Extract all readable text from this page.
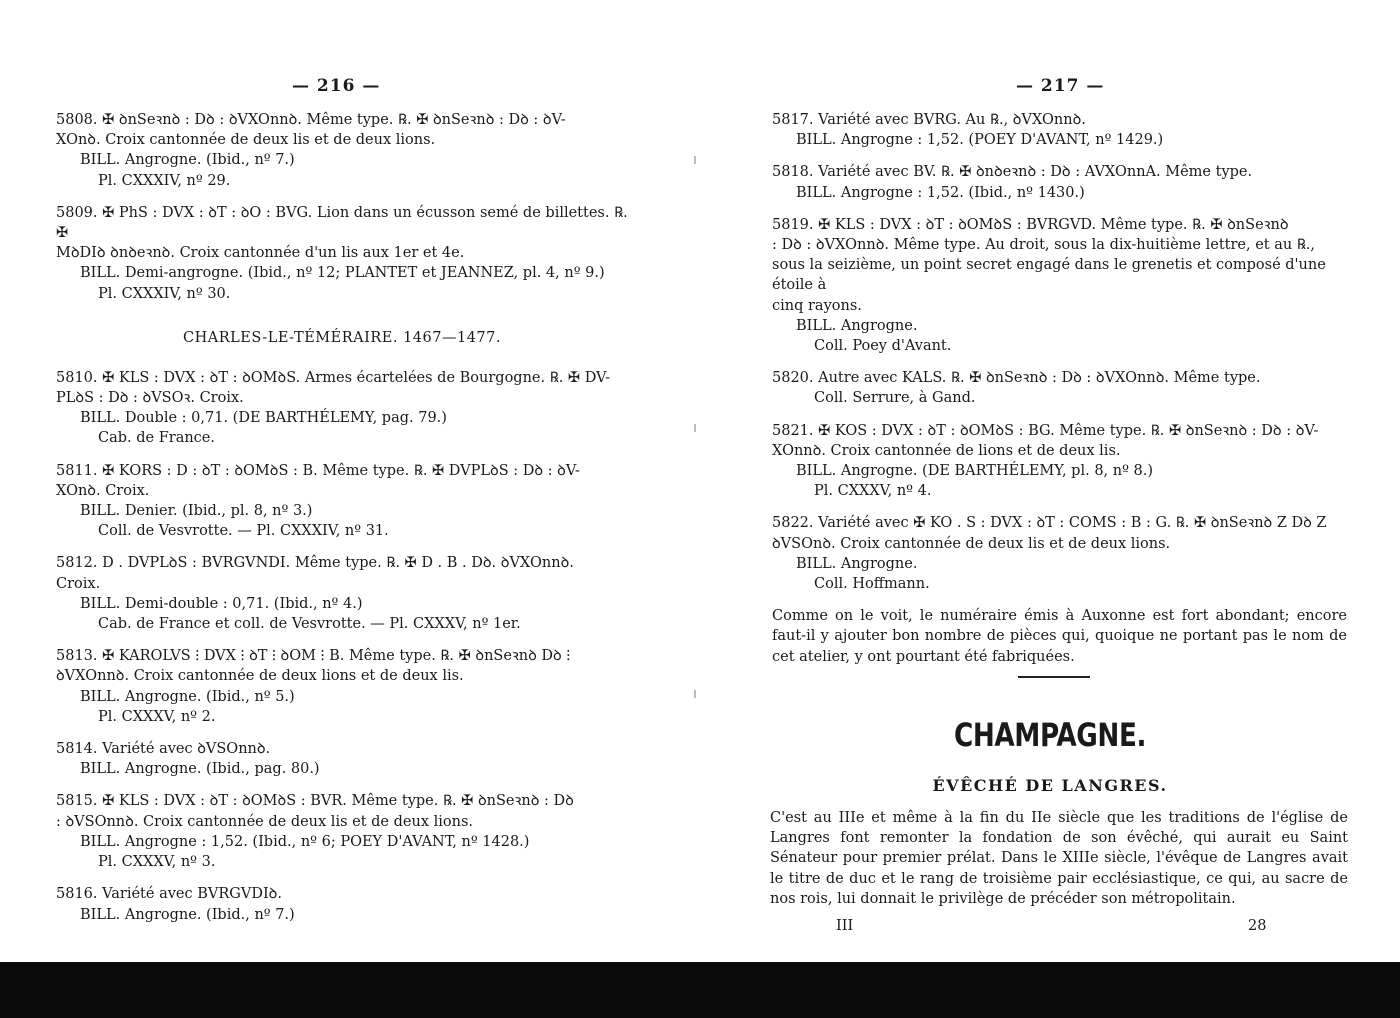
— 216 —
5808. ✠ ꝺnSeꝛnꝺ : Dꝺ : ꝺVXOnnꝺ. Même type. ℞. ✠ ꝺnSeꝛnꝺ : Dꝺ : ꝺV-
XOnꝺ. Croix cantonnée de deux lis et de deux lions.
BILL. Angrogne. (Ibid., nº 7.)
Pl. CXXXIV, nº 29.
5809. ✠ PhS : DVX : ꝺT : ꝺO : BVG. Lion dans un écusson semé de billettes. ℞. ✠
MꝺDIꝺ ꝺnꝺeꝛnꝺ. Croix cantonnée d'un lis aux 1er et 4e.
BILL. Demi-angrogne. (Ibid., nº 12; PLANTET et JEANNEZ, pl. 4, nº 9.)
Pl. CXXXIV, nº 30.
CHARLES-LE-TÉMÉRAIRE. 1467—1477.
5810. ✠ KLS : DVX : ꝺT : ꝺOMꝺS. Armes écartelées de Bourgogne. ℞. ✠ DV-
PLꝺS : Dꝺ : ꝺVSOꝛ. Croix.
BILL. Double : 0,71. (DE BARTHÉLEMY, pag. 79.)
Cab. de France.
5811. ✠ KORS : D : ꝺT : ꝺOMꝺS : B. Même type. ℞. ✠ DVPLꝺS : Dꝺ : ꝺV-
XOnꝺ. Croix.
BILL. Denier. (Ibid., pl. 8, nº 3.)
Coll. de Vesvrotte. — Pl. CXXXIV, nº 31.
5812. D . DVPLꝺS : BVRGVNDI. Même type. ℞. ✠ D . B . Dꝺ. ꝺVXOnnꝺ.
Croix.
BILL. Demi-double : 0,71. (Ibid., nº 4.)
Cab. de France et coll. de Vesvrotte. — Pl. CXXXV, nº 1er.
5813. ✠ KAROLVS ⁝ DVX ⁝ ꝺT ⁝ ꝺOM ⁝ B. Même type. ℞. ✠ ꝺnSeꝛnꝺ Dꝺ ⁝
ꝺVXOnnꝺ. Croix cantonnée de deux lions et de deux lis.
BILL. Angrogne. (Ibid., nº 5.)
Pl. CXXXV, nº 2.
5814. Variété avec ꝺVSOnnꝺ.
BILL. Angrogne. (Ibid., pag. 80.)
5815. ✠ KLS : DVX : ꝺT : ꝺOMꝺS : BVR. Même type. ℞. ✠ ꝺnSeꝛnꝺ : Dꝺ
: ꝺVSOnnꝺ. Croix cantonnée de deux lis et de deux lions.
BILL. Angrogne : 1,52. (Ibid., nº 6; POEY D'AVANT, nº 1428.)
Pl. CXXXV, nº 3.
5816. Variété avec BVRGVDIꝺ.
BILL. Angrogne. (Ibid., nº 7.)
— 217 —
5817. Variété avec BVRG. Au ℞., ꝺVXOnnꝺ.
BILL. Angrogne : 1,52. (POEY D'AVANT, nº 1429.)
5818. Variété avec BV. ℞. ✠ ꝺnꝺeꝛnꝺ : Dꝺ : AVXOnnA. Même type.
BILL. Angrogne : 1,52. (Ibid., nº 1430.)
5819. ✠ KLS : DVX : ꝺT : ꝺOMꝺS : BVRGVD. Même type. ℞. ✠ ꝺnSeꝛnꝺ
: Dꝺ : ꝺVXOnnꝺ. Même type. Au droit, sous la dix-huitième lettre, et au ℞.,
sous la seizième, un point secret engagé dans le grenetis et composé d'une étoile à
cinq rayons.
BILL. Angrogne.
Coll. Poey d'Avant.
5820. Autre avec KALS. ℞. ✠ ꝺnSeꝛnꝺ : Dꝺ : ꝺVXOnnꝺ. Même type.
Coll. Serrure, à Gand.
5821. ✠ KOS : DVX : ꝺT : ꝺOMꝺS : BG. Même type. ℞. ✠ ꝺnSeꝛnꝺ : Dꝺ : ꝺV-
XOnnꝺ. Croix cantonnée de lions et de deux lis.
BILL. Angrogne. (DE BARTHÉLEMY, pl. 8, nº 8.)
Pl. CXXXV, nº 4.
5822. Variété avec ✠ KO . S : DVX : ꝺT : COMS : B : G. ℞. ✠ ꝺnSeꝛnꝺ Z Dꝺ Z
ꝺVSOnꝺ. Croix cantonnée de deux lis et de deux lions.
BILL. Angrogne.
Coll. Hoffmann.
Comme on le voit, le numéraire émis à Auxonne est fort abondant; encore faut-il y ajouter bon nombre de pièces qui, quoique ne portant pas le nom de cet atelier, y ont pourtant été fabriquées.
CHAMPAGNE.
ÉVÊCHÉ DE LANGRES.
C'est au IIIe et même à la fin du IIe siècle que les traditions de l'église de Langres font remonter la fondation de son évêché, qui aurait eu Saint Sénateur pour premier prélat. Dans le XIIIe siècle, l'évêque de Langres avait le titre de duc et le rang de troisième pair ecclésiastique, ce qui, au sacre de nos rois, lui donnait le privilège de précéder son métropolitain.
III	28
